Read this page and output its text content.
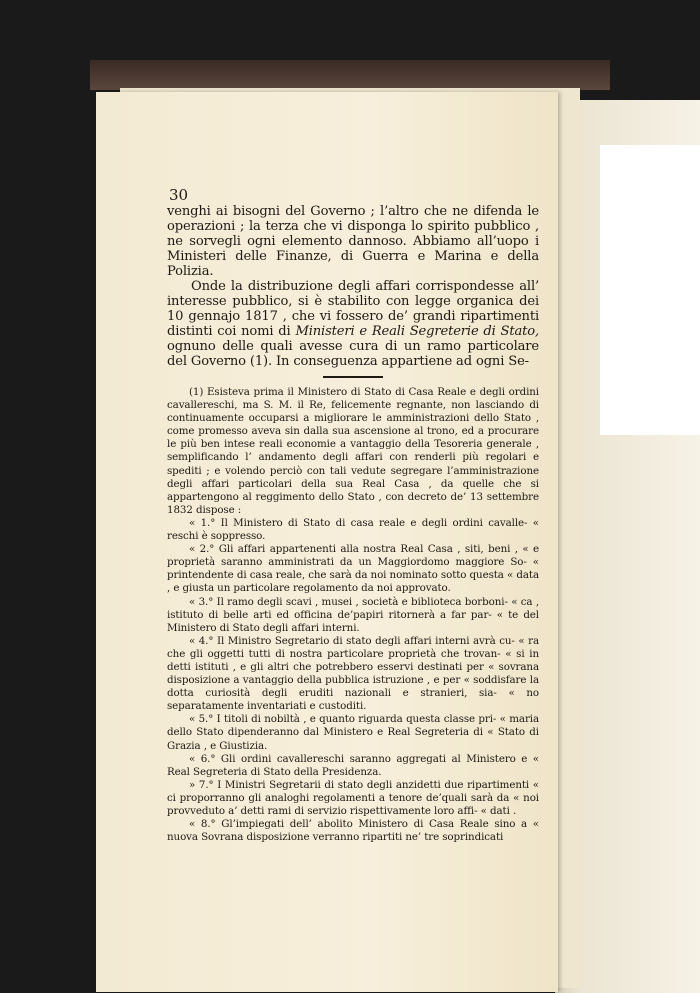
30

venghi ai bisogni del Governo ; l’altro che ne difenda le operazioni ; la terza che vi disponga lo spirito pubblico , ne sorvegli ogni elemento dannoso. Abbiamo all’uopo i Ministeri delle Finanze, di Guerra e Marina e della Polizia.

Onde la distribuzione degli affari corrispondesse all’ interesse pubblico, si è stabilito con legge organica dei 10 gennajo 1817 , che vi fossero de’ grandi ripartimenti distinti coi nomi di Ministeri e Reali Segreterie di Stato, ognuno delle quali avesse cura di un ramo particolare del Governo (1). In conseguenza appartiene ad ogni Se-

(1) Esisteva prima il Ministero di Stato di Casa Reale e degli ordini cavallereschi, ma S. M. il Re, felicemente regnante, non lasciando di continuamente occuparsi a migliorare le amministrazioni dello Stato , come promesso aveva sin dalla sua ascensione al trono, ed a procurare le più ben intese reali economie a vantaggio della Tesoreria generale , semplificando l’ andamento degli affari con renderli più regolari e spediti ; e volendo perciò con tali vedute segregare l’amministrazione degli affari particolari della sua Real Casa , da quelle che si appartengono al reggimento dello Stato , con decreto de’ 13 settembre 1832 dispose :

« 1.° Il Ministero di Stato di casa reale e degli ordini cavalle- « reschi è soppresso.

« 2.° Gli affari appartenenti alla nostra Real Casa , siti, beni , « e proprietà saranno amministrati da un Maggiordomo maggiore So- « printendente di casa reale, che sarà da noi nominato sotto questa « data , e giusta un particolare regolamento da noi approvato.

« 3.° Il ramo degli scavi , musei , società e biblioteca borboni- « ca , istituto di belle arti ed officina de’papiri ritornerà a far par- « te del Ministero di Stato degli affari interni.

« 4.° Il Ministro Segretario di stato degli affari interni avrà cu- « ra che gli oggetti tutti di nostra particolare proprietà che trovan- « si in detti istituti , e gli altri che potrebbero esservi destinati per « sovrana disposizione a vantaggio della pubblica istruzione , e per « soddisfare la dotta curiosità degli eruditi nazionali e stranieri, sia- « no separatamente inventariati e custoditi.

« 5.° I titoli di nobiltà , e quanto riguarda questa classe pri- « maria dello Stato dipenderanno dal Ministero e Real Segreteria di « Stato di Grazia , e Giustizia.

« 6.° Gli ordini cavallereschi saranno aggregati al Ministero e « Real Segreteria di Stato della Presidenza.

» 7.° I Ministri Segretarii di stato degli anzidetti due ripartimenti « ci proporranno gli analoghi regolamenti a tenore de’quali sarà da « noi provveduto a’ detti rami di servizio rispettivamente loro affi- « dati .

« 8.° Gl’impiegati dell’ abolito Ministero di Casa Reale sino a « nuova Sovrana disposizione verranno ripartiti ne’ tre soprindicati
